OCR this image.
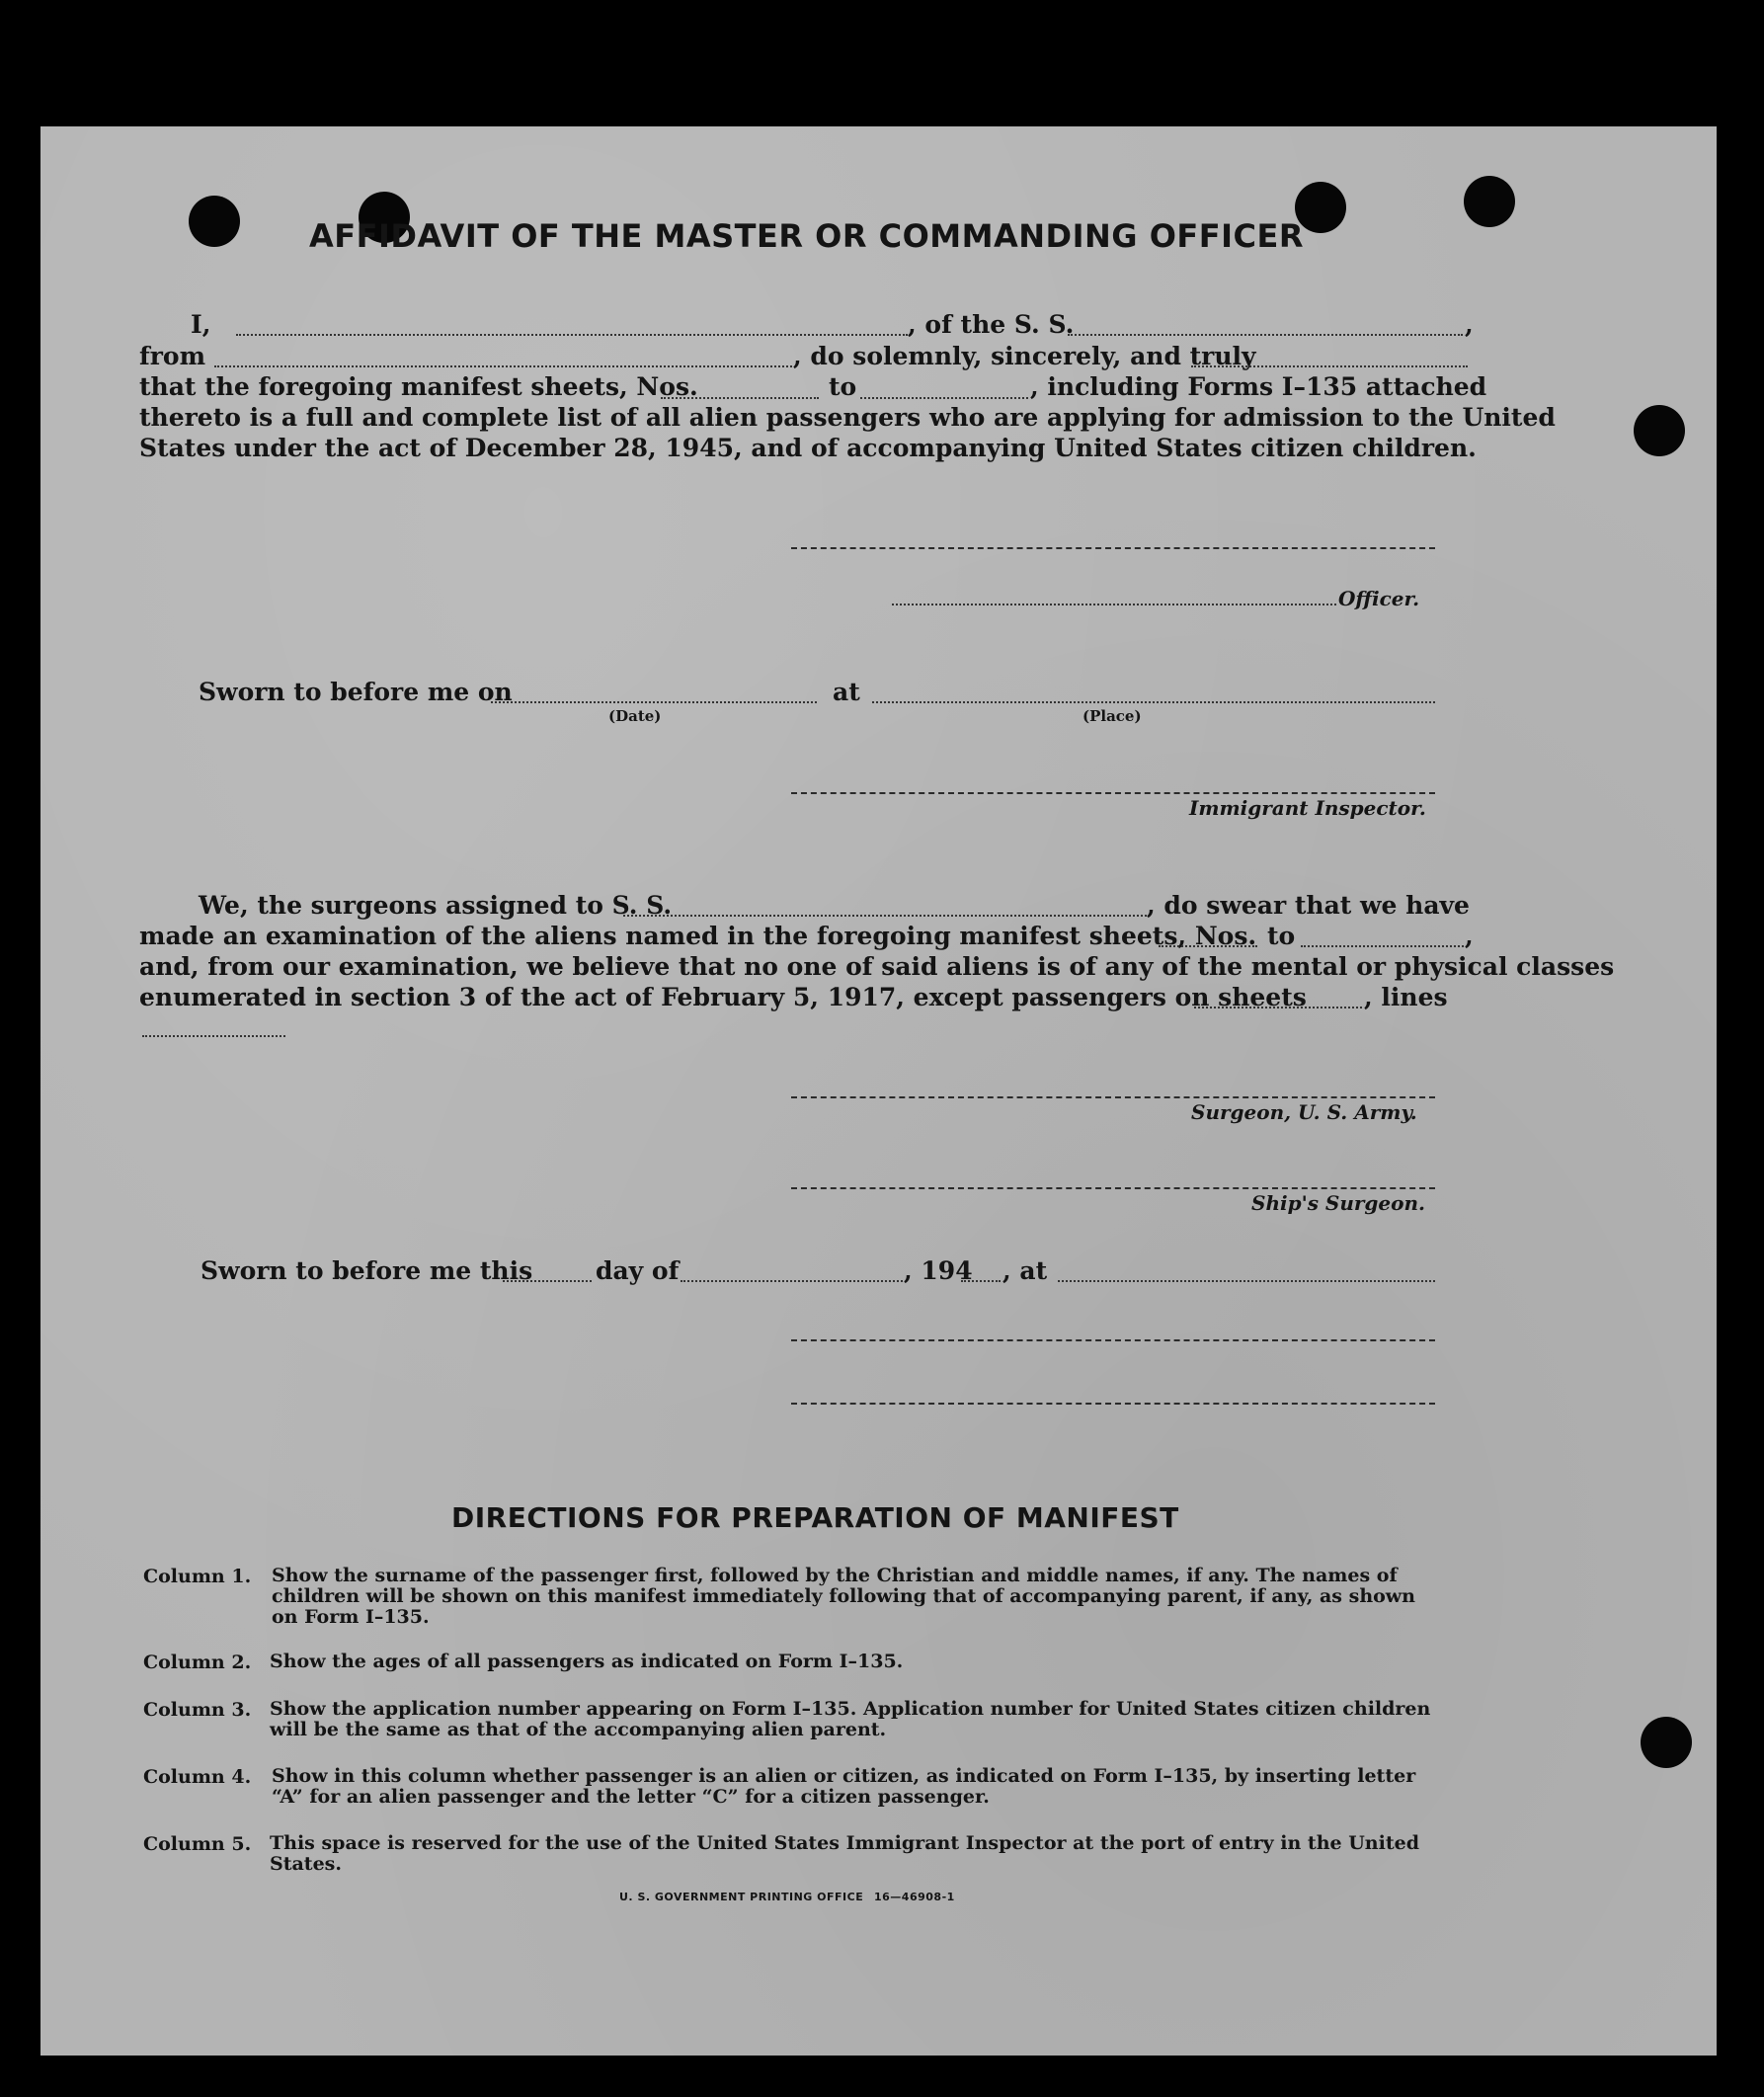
AFFIDAVIT OF THE MASTER OR COMMANDING OFFICER
I,	, of the S. S.	,
from	, do solemnly, sincerely, and truly
that the foregoing manifest sheets, Nos.	to	, including Forms I–135 attached
thereto is a full and complete list of all alien passengers who are applying for admission to the United
States under the act of December 28, 1945, and of accompanying United States citizen children.
Officer.
Sworn to before me on	at
(Date)	(Place)
Immigrant Inspector.
We, the surgeons assigned to S. S.	, do swear that we have
made an examination of the aliens named in the foregoing manifest sheets, Nos. to	,
and, from our examination, we believe that no one of said aliens is of any of the mental or physical classes
enumerated in section 3 of the act of February 5, 1917, except passengers on sheets , lines
Surgeon, U. S. Army.
Ship's Surgeon.
Sworn to before me this	day of	, 194 , at
DIRECTIONS FOR PREPARATION OF MANIFEST
Column 1. Show the surname of the passenger first, followed by the Christian and middle names, if any. The names of children will be shown on this manifest immediately following that of accompanying parent, if any, as shown on Form I–135.
Column 2. Show the ages of all passengers as indicated on Form I–135.
Column 3. Show the application number appearing on Form I–135. Application number for United States citizen children will be the same as that of the accompanying alien parent.
Column 4. Show in this column whether passenger is an alien or citizen, as indicated on Form I–135, by inserting letter “A” for an alien passenger and the letter “C” for a citizen passenger.
Column 5. This space is reserved for the use of the United States Immigrant Inspector at the port of entry in the United States.
U. S. GOVERNMENT PRINTING OFFICE 16—46908-1
